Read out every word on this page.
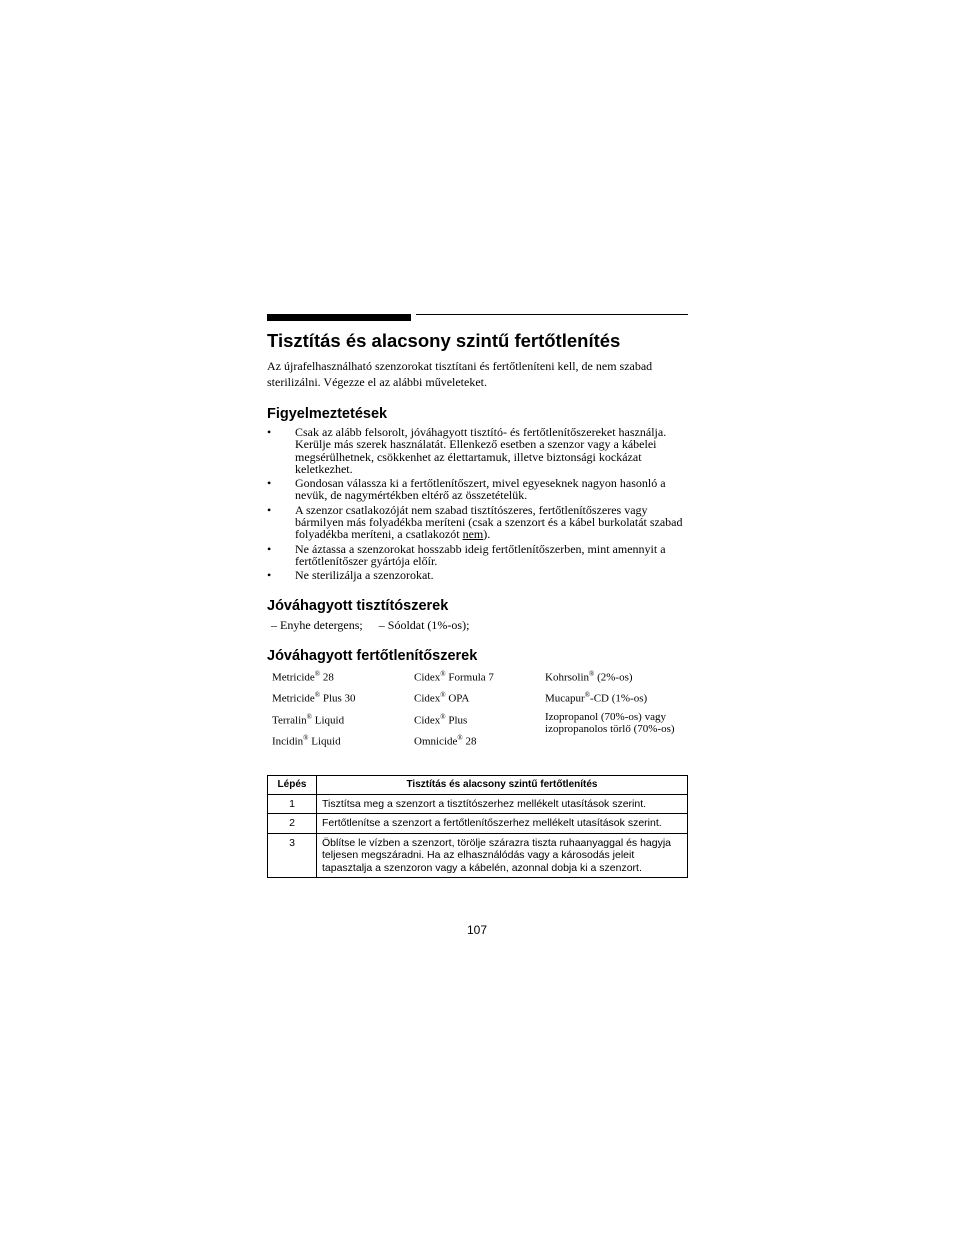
Tisztítás és alacsony szintű fertőtlenítés

Az újrafelhasználható szenzorokat tisztítani és fertőtleníteni kell, de nem szabad sterilizálni. Végezze el az alábbi műveleteket.

Figyelmeztetések
• Csak az alább felsorolt, jóváhagyott tisztító- és fertőtlenítőszereket használja. Kerülje más szerek használatát. Ellenkező esetben a szenzor vagy a kábelei megsérülhetnek, csökkenhet az élettartamuk, illetve biztonsági kockázat keletkezhet.
• Gondosan válassza ki a fertőtlenítőszert, mivel egyeseknek nagyon hasonló a nevük, de nagymértékben eltérő az összetételük.
• A szenzor csatlakozóját nem szabad tisztítószeres, fertőtlenítőszeres vagy bármilyen más folyadékba meríteni (csak a szenzort és a kábel burkolatát szabad folyadékba meríteni, a csatlakozót nem).
• Ne áztassa a szenzorokat hosszabb ideig fertőtlenítőszerben, mint amennyit a fertőtlenítőszer gyártója előír.
• Ne sterilizálja a szenzorokat.
Jóváhagyott tisztítószerek

– Enyhe detergens; – Sóoldat (1%-os);

Jóváhagyott fertőtlenítőszerek
Metricide® 28	Cidex® Formula 7	Kohrsolin® (2%-os)
Metricide® Plus 30	Cidex® OPA	Mucapur®-CD (1%-os)
Terralin® Liquid	Cidex® Plus	Izopropanol (70%-os) vagy izopropanolos törlő (70%-os)
Incidin® Liquid	Omnicide® 28
Lépés	Tisztítás és alacsony szintű fertőtlenítés
1	Tisztítsa meg a szenzort a tisztítószerhez mellékelt utasítások szerint.
2	Fertőtlenítse a szenzort a fertőtlenítőszerhez mellékelt utasítások szerint.
3	Öblítse le vízben a szenzort, törölje szárazra tiszta ruhaanyaggal és hagyja teljesen megszáradni. Ha az elhasználódás vagy a károsodás jeleit tapasztalja a szenzoron vagy a kábelén, azonnal dobja ki a szenzort.
107
